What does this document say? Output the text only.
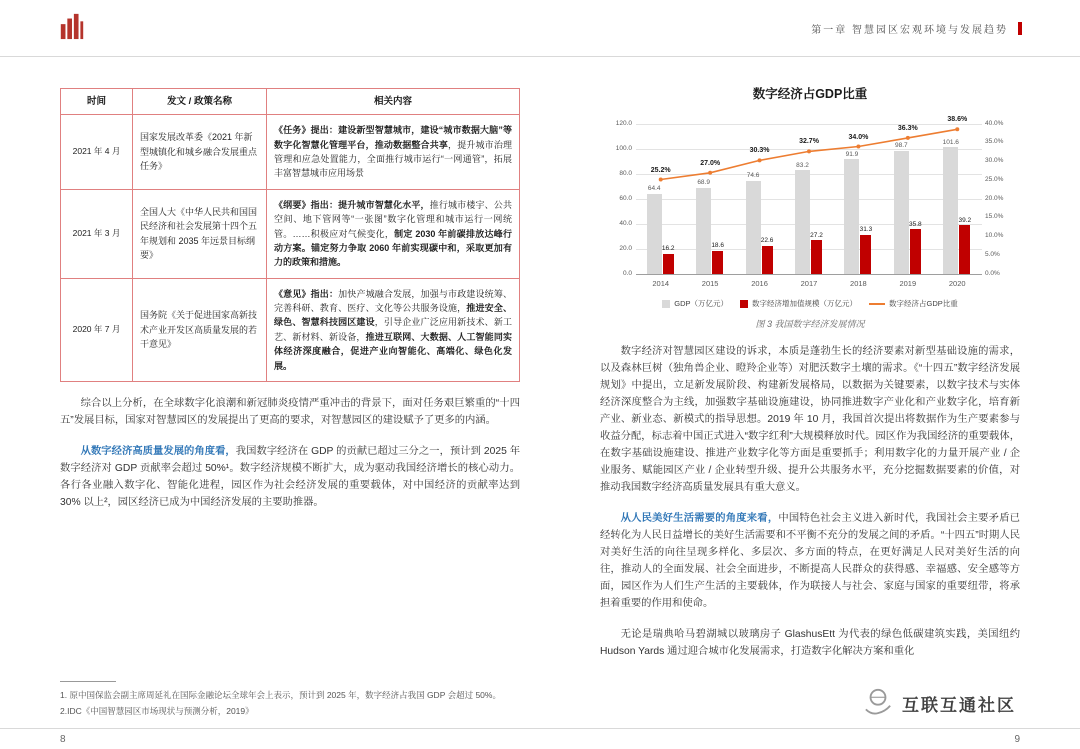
第一章 智慧园区宏观环境与发展趋势
时间	发文 / 政策名称	相关内容
2021 年 4 月	国家发展改革委《2021 年新型城镇化和城乡融合发展重点任务》	《任务》提出：建设新型智慧城市，建设“城市数据大脑”等数字化智慧化管理平台，推动数据整合共享，提升城市治理管理和应急处置能力，全面推行城市运行“一网通管”，拓展丰富智慧城市应用场景
2021 年 3 月	全国人大《中华人民共和国国民经济和社会发展第十四个五年规划和 2035 年远景目标纲要》	《纲要》指出：提升城市智慧化水平，推行城市楼宇、公共空间、地下管网等“一张图”数字化管理和城市运行一网统管。……积极应对气候变化，制定 2030 年前碳排放达峰行动方案。锚定努力争取 2060 年前实现碳中和，采取更加有力的政策和措施。
2020 年 7 月	国务院《关于促进国家高新技术产业开发区高质量发展的若干意见》	《意见》指出：加快产城融合发展，加强与市政建设统筹、完善科研、教育、医疗、文化等公共服务设施，推进安全、绿色、智慧科技园区建设，引导企业广泛应用新技术、新工艺、新材料、新设备，推进互联网、大数据、人工智能同实体经济深度融合，促进产业向智能化、高端化、绿色化发展。

综合以上分析，在全球数字化浪潮和新冠肺炎疫情严重冲击的背景下，面对任务艰巨繁重的“十四五”发展目标，国家对智慧园区的发展提出了更高的要求，对智慧园区的建设赋予了更多的内涵。

从数字经济高质量发展的角度看，我国数字经济在 GDP 的贡献已超过三分之一，预计到 2025 年数字经济对 GDP 贡献率会超过 50%¹。数字经济规模不断扩大，成为驱动我国经济增长的核心动力。各行各业融入数字化、智能化进程，园区作为社会经济发展的重要载体，对中国经济的贡献率达到 30% 以上²，园区经济已成为中国经济发展的主要助推器。

1. 原中国保监会副主席周延礼在国际金融论坛全球年会上表示，预计到 2025 年，数字经济占我国 GDP 会超过 50%。

2.IDC《中国智慧园区市场现状与预测分析，2019》

数字经济占GDP比重
0.0
20.0
40.0
60.0
80.0
100.0
120.0
0.0%
5.0%
10.0%
15.0%
20.0%
25.0%
30.0%
35.0%
40.0%
64.4
16.2
68.9
18.6
74.6
22.6
83.2
27.2
91.9
31.3
98.7
35.8
101.6
39.2
25.2%
27.0%
30.3%
32.7%
34.0%
36.3%
38.6%
2014	2015	2016	2017	2018	2019	2020
GDP（万亿元）	数字经济增加值规模（万亿元）	数字经济占GDP比重
图 3 我国数字经济发展情况

数字经济对智慧园区建设的诉求，本质是蓬勃生长的经济要素对新型基础设施的需求，以及森林巨树（独角兽企业、瞪羚企业等）对肥沃数字土壤的需求。《“十四五”数字经济发展规划》中提出，立足新发展阶段、构建新发展格局，以数据为关键要素，以数字技术与实体经济深度整合为主线，加强数字基础设施建设，协同推进数字产业化和产业数字化，培育新产业、新业态、新模式的指导思想。2019 年 10 月，我国首次提出将数据作为生产要素参与收益分配，标志着中国正式进入“数字红利”大规模释放时代。园区作为我国经济的重要载体，在数字基础设施建设、推进产业数字化等方面是重要抓手；利用数字化的力量开展产业 / 企业服务、赋能园区产业 / 企业转型升级、提升公共服务水平，充分挖掘数据要素的价值，对推动我国数字经济高质量发展具有重大意义。

从人民美好生活需要的角度来看，中国特色社会主义进入新时代，我国社会主要矛盾已经转化为人民日益增长的美好生活需要和不平衡不充分的发展之间的矛盾。“十四五”时期人民对美好生活的向往呈现多样化、多层次、多方面的特点，在更好满足人民对美好生活的向往，推动人的全面发展、社会全面进步，不断提高人民群众的获得感、幸福感、安全感等方面，园区作为人们生产生活的主要载体，作为联接人与社会、家庭与国家的重要纽带，将承担着重要的作用和使命。

无论是瑞典哈马碧湖城以玻璃房子 GlashusEtt 为代表的绿色低碳建筑实践，美国纽约 Hudson Yards 通过迎合城市化发展需求，打造数字化解决方案和重化

互联互通社区
8	9
